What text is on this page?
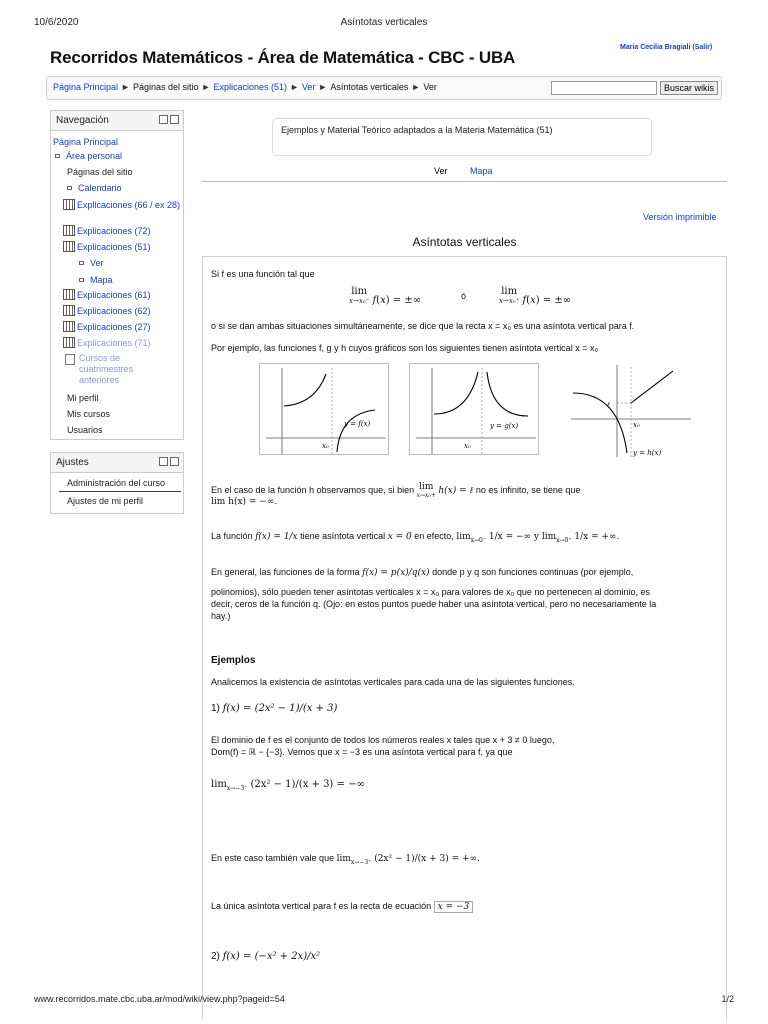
10/6/2020	Asíntotas verticales
Recorridos Matemáticos - Área de Matemática - CBC - UBA
Maria Cecilia Bragiali (Salir)
Página Principal ► Páginas del sitio ► Explicaciones (51) ► Ver ► Asíntotas verticales ► Ver	Buscar wikis
Navegación
Página Principal
Área personal
Páginas del sitio
Calendario
Explicaciones (66 / ex 28)
Explicaciones (72)
Explicaciones (51)
Ver
Mapa
Explicaciones (61)
Explicaciones (62)
Explicaciones (27)
Explicaciones (71)
Cursos de cuatrimestres anteriores
Mi perfil
Mis cursos
Usuarios
Ajustes
Administración del curso
Ajustes de mi perfil
Ejemplos y Material Teórico adaptados a la Materia Matemática (51)
Ver Mapa
Versión imprimible
Asíntotas verticales
Si f es una función tal que
lim
x→x₀⁻ f(x) = ±∞	ó	lim
x→x₀⁺ f(x) = ±∞
o si se dan ambas situaciones simultáneamente, se dice que la recta x = x₀ es una asíntota vertical para f.
Por ejemplo, las funciones f, g y h cuyos gráficos son los siguientes tienen asíntota vertical x = x₀
y = f(x)
x₀
y = g(x)
x₀
ℓ
x₀
y = h(x)
En el caso de la función h observamos que, si bien lim
x→x₀+ h(x) = ℓ no es infinito, se tiene que
lim h(x) = −∞.
La función f(x) = 1/x tiene asíntota vertical x = 0 en efecto, $\lim_{x\to 0^-} 1/x$ = −∞ y $\lim_{x\to 0^+} 1/x$ = +∞.
En general, las funciones de la forma f(x) = p(x)/q(x) donde p y q son funciones continuas (por ejemplo,
polinomios), sólo pueden tener asíntotas verticales x = x₀ para valores de x₀ que no pertenecen al dominio, es
decir, ceros de la función q. (Ojo: en estos puntos puede haber una asíntota vertical, pero no necesariamente la
hay.)
Ejemplos
Analicemos la existencia de asíntotas verticales para cada una de las siguientes funciones.
1) f(x) = (2x² − 1)/(x + 3)
El dominio de f es el conjunto de todos los números reales x tales que x + 3 ≠ 0 luego,
Dom(f) = ℝ − {−3}. Vemos que x = −3 es una asíntota vertical para f, ya que
$\lim_{x\to-3^-} (2x^2 - 1)/(x + 3)$ = −∞
En este caso también vale que $\lim_{x\to-3^+} (2x^2 - 1)/(x + 3)$ = +∞.
La única asíntota vertical para f es la recta de ecuación x = −3
2) f(x) = (−x² + 2x)/x²
www.recorridos.mate.cbc.uba.ar/mod/wiki/view.php?pageid=54	1/2
